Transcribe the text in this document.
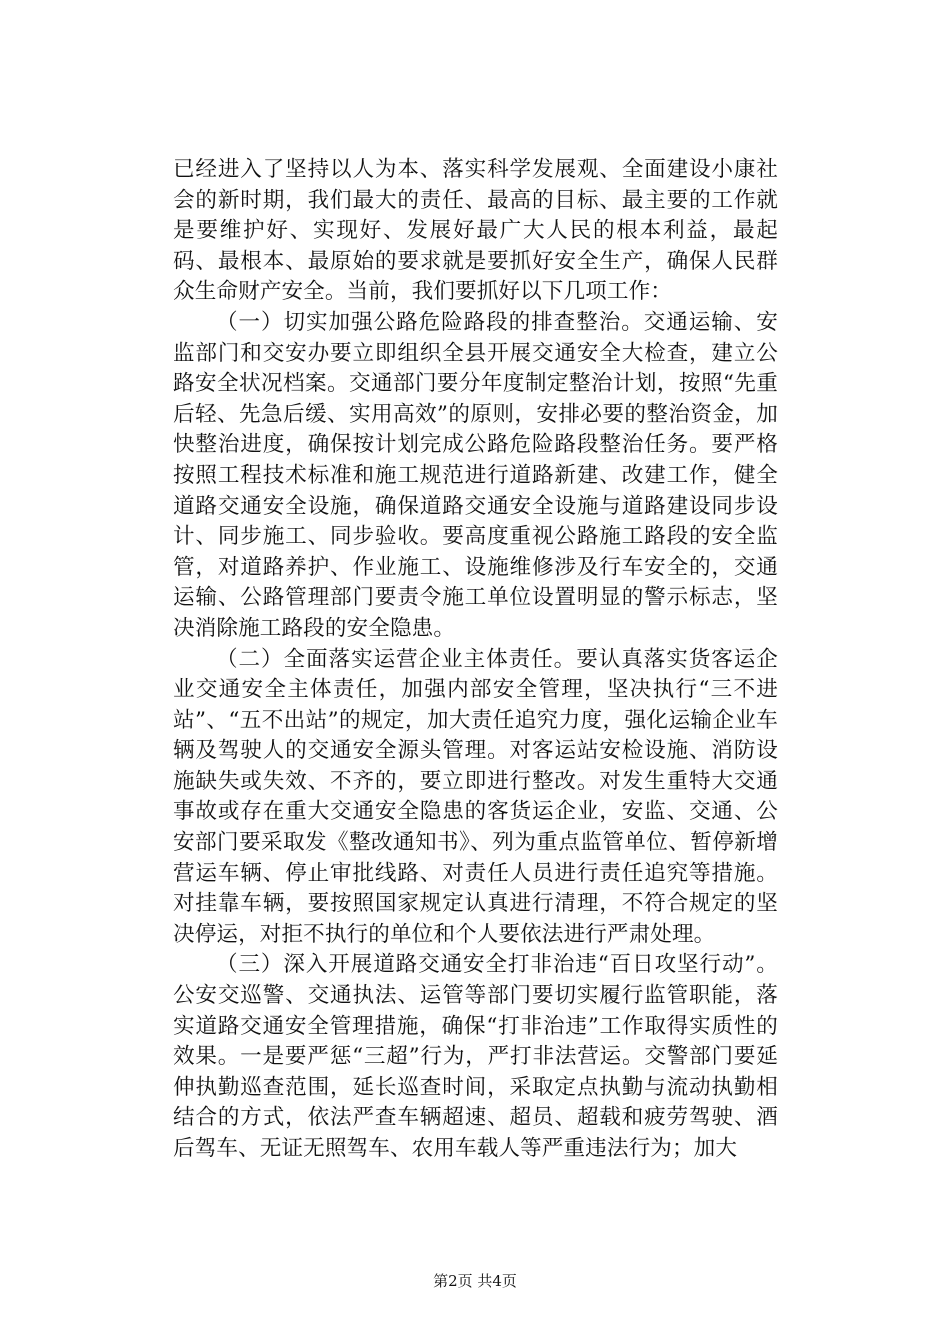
已经进入了坚持以人为本、落实科学发展观、全面建设小康社会的新时期，我们最大的责任、最高的目标、最主要的工作就是要维护好、实现好、发展好最广大人民的根本利益，最起码、最根本、最原始的要求就是要抓好安全生产，确保人民群众生命财产安全。当前，我们要抓好以下几项工作：

（一）切实加强公路危险路段的排查整治。交通运输、安监部门和交安办要立即组织全县开展交通安全大检查，建立公路安全状况档案。交通部门要分年度制定整治计划，按照“先重后轻、先急后缓、实用高效”的原则，安排必要的整治资金，加快整治进度，确保按计划完成公路危险路段整治任务。要严格按照工程技术标准和施工规范进行道路新建、改建工作，健全道路交通安全设施，确保道路交通安全设施与道路建设同步设计、同步施工、同步验收。要高度重视公路施工路段的安全监管，对道路养护、作业施工、设施维修涉及行车安全的，交通运输、公路管理部门要责令施工单位设置明显的警示标志，坚决消除施工路段的安全隐患。

（二）全面落实运营企业主体责任。要认真落实货客运企业交通安全主体责任，加强内部安全管理，坚决执行“三不进站”、“五不出站”的规定，加大责任追究力度，强化运输企业车辆及驾驶人的交通安全源头管理。对客运站安检设施、消防设施缺失或失效、不齐的，要立即进行整改。对发生重特大交通事故或存在重大交通安全隐患的客货运企业，安监、交通、公安部门要采取发《整改通知书》、列为重点监管单位、暂停新增营运车辆、停止审批线路、对责任人员进行责任追究等措施。对挂靠车辆，要按照国家规定认真进行清理，不符合规定的坚决停运，对拒不执行的单位和个人要依法进行严肃处理。

（三）深入开展道路交通安全打非治违“百日攻坚行动”。公安交巡警、交通执法、运管等部门要切实履行监管职能，落实道路交通安全管理措施，确保“打非治违”工作取得实质性的效果。一是要严惩“三超”行为，严打非法营运。交警部门要延伸执勤巡查范围，延长巡查时间，采取定点执勤与流动执勤相结合的方式，依法严查车辆超速、超员、超载和疲劳驾驶、酒后驾车、无证无照驾车、农用车载人等严重违法行为；加大

第2页 共4页
